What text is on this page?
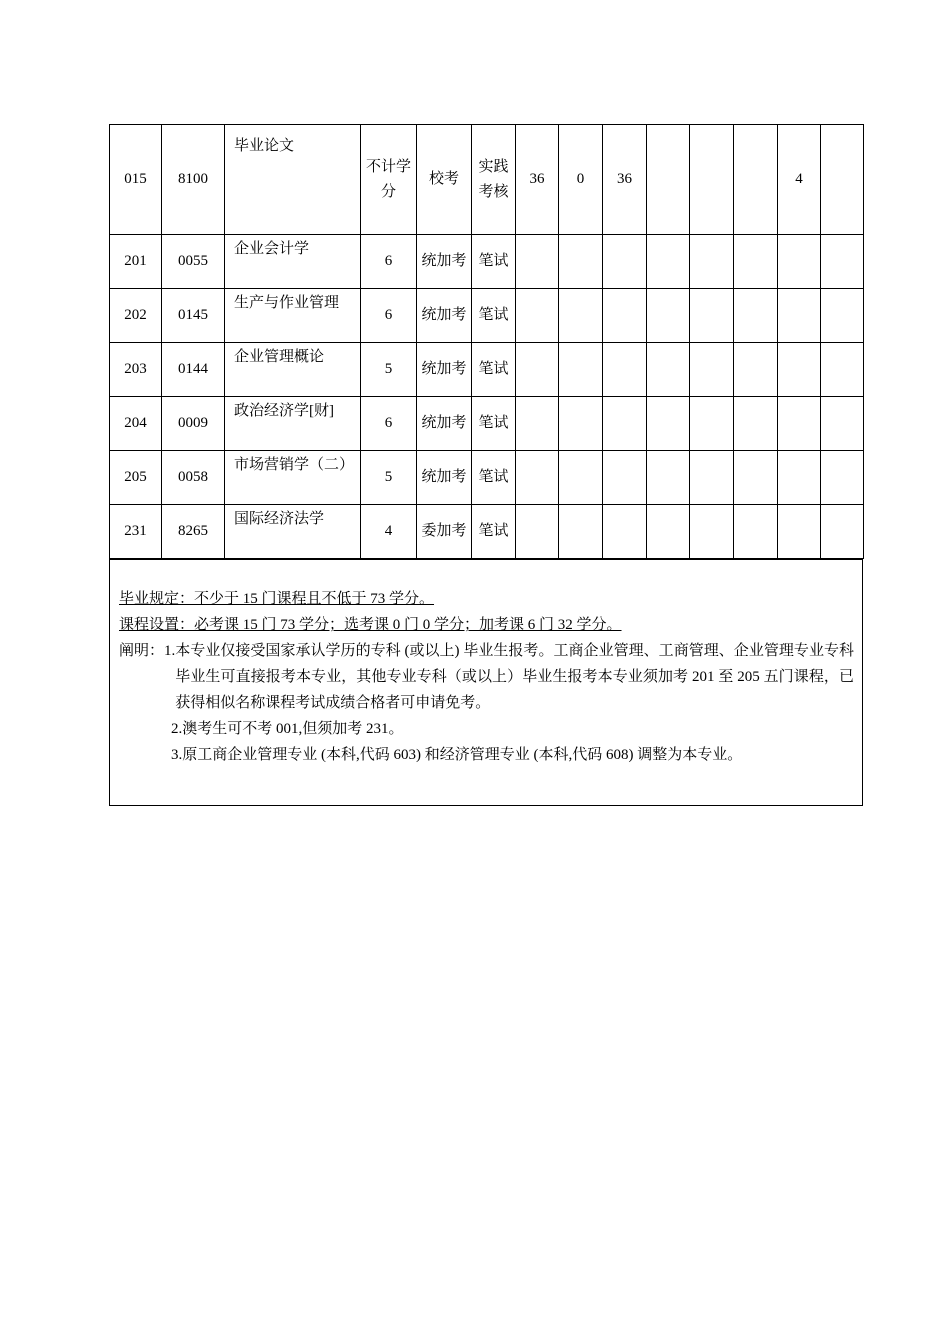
015	8100	毕业论文	不计学分	校考	实践考核	36	0	36				4	
201	0055	企业会计学	6	统加考	笔试								
202	0145	生产与作业管理	6	统加考	笔试								
203	0144	企业管理概论	5	统加考	笔试								
204	0009	政治经济学[财]	6	统加考	笔试								
205	0058	市场营销学（二）	5	统加考	笔试								
231	8265	国际经济法学	4	委加考	笔试								
毕业规定：不少于 15 门课程且不低于 73 学分。
课程设置：必考课 15 门 73 学分；选考课 0 门 0 学分；加考课 6 门 32 学分。
阐明： 1. 本专业仅接受国家承认学历的专科 (或以上) 毕业生报考。工商企业管理、工商管理、企业管理专业专科毕业生可直接报考本专业，其他专业专科（或以上）毕业生报考本专业须加考 201 至 205 五门课程，已获得相似名称课程考试成绩合格者可申请免考。
2. 澳考生可不考 001,但须加考 231。
3. 原工商企业管理专业 (本科,代码 603) 和经济管理专业 (本科,代码 608) 调整为本专业。
